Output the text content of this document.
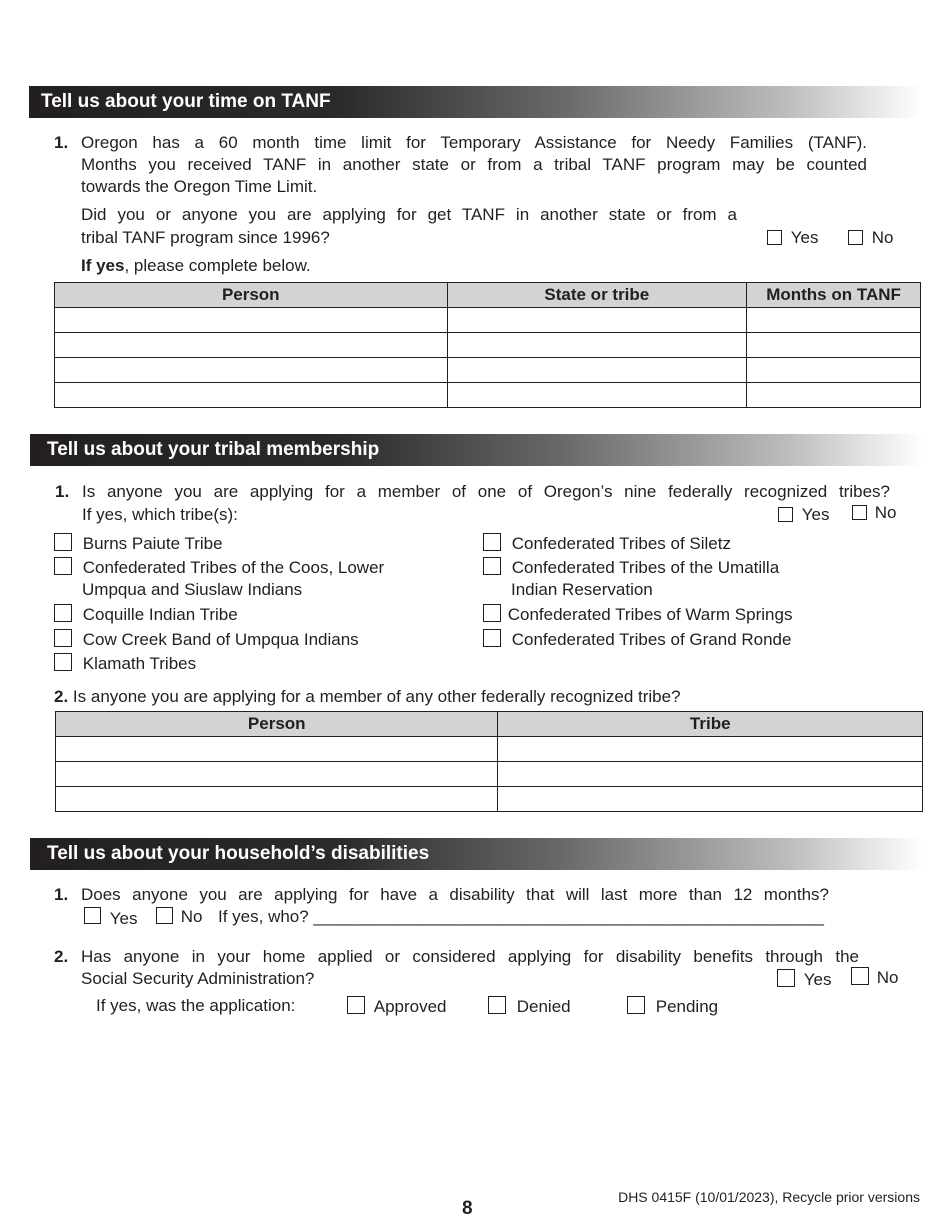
Tell us about your time on TANF
1. Oregon has a 60 month time limit for Temporary Assistance for Needy Families (TANF).
Months you received TANF in another state or from a tribal TANF program may be counted
towards the Oregon Time Limit.
Did you or anyone you are applying for get TANF in another state or from a
tribal TANF program since 1996?	Yes	No
If yes, please complete below.
Person	State or tribe	Months on TANF

Tell us about your tribal membership
1. Is anyone you are applying for a member of one of Oregon’s nine federally recognized tribes?
If yes, which tribe(s):	Yes	No
Burns Paiute Tribe
Confederated Tribes of the Coos, Lower
Umpqua and Siuslaw Indians
Coquille Indian Tribe
Cow Creek Band of Umpqua Indians
Klamath Tribes
Confederated Tribes of Siletz
Confederated Tribes of the Umatilla
Indian Reservation
Confederated Tribes of Warm Springs
Confederated Tribes of Grand Ronde
2. Is anyone you are applying for a member of any other federally recognized tribe?
Person	Tribe

Tell us about your household’s disabilities
1. Does anyone you are applying for have a disability that will last more than 12 months?
Yes	No If yes, who? ______________________________________________________
2. Has anyone in your home applied or considered applying for disability benefits through the
Social Security Administration?	Yes	No
If yes, was the application:	Approved	Denied	Pending
8
DHS 0415F (10/01/2023), Recycle prior versions
